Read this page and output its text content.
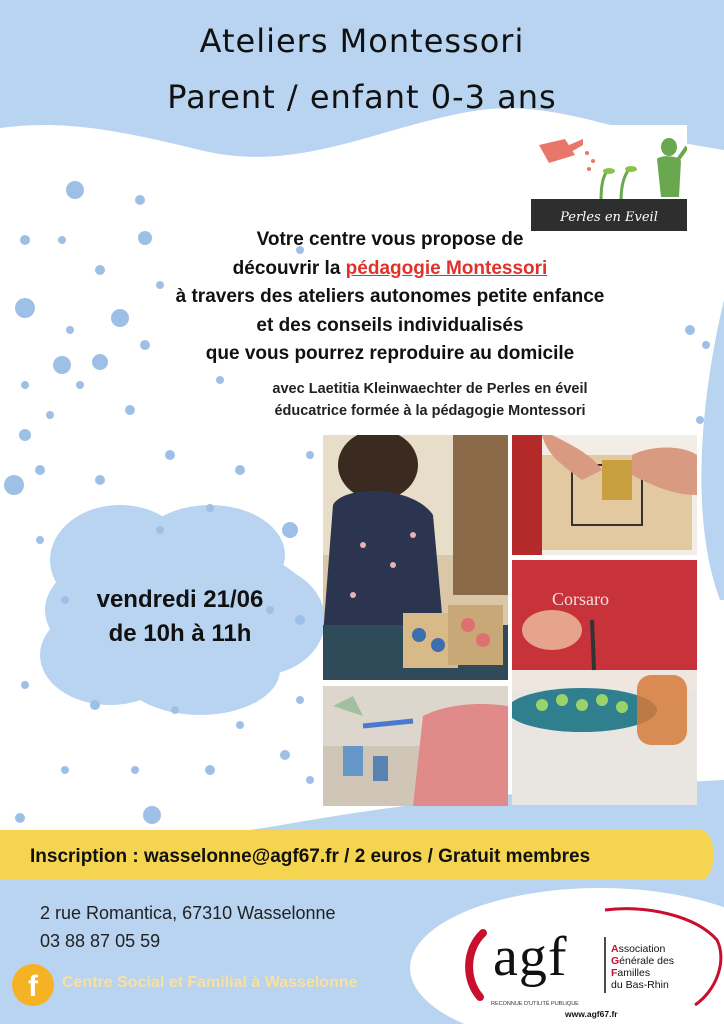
Ateliers Montessori
Parent / enfant 0-3 ans
Perles en Eveil
Votre centre vous propose de
découvrir la pédagogie Montessori
à travers des ateliers autonomes petite enfance
et des conseils individualisés
que vous pourrez reproduire au domicile
avec Laetitia Kleinwaechter de Perles en éveil
éducatrice formée à la pédagogie Montessori
vendredi 21/06
de 10h à 11h
Corsaro
Inscription : wasselonne@agf67.fr / 2 euros / Gratuit membres
2 rue Romantica, 67310 Wasselonne
03 88 87 05 59
f	Centre Social et Familial à Wasselonne agf	Association
Générale des
Familles
du Bas-Rhin
RECONNUE D'UTILITÉ PUBLIQUE
www.agf67.fr
